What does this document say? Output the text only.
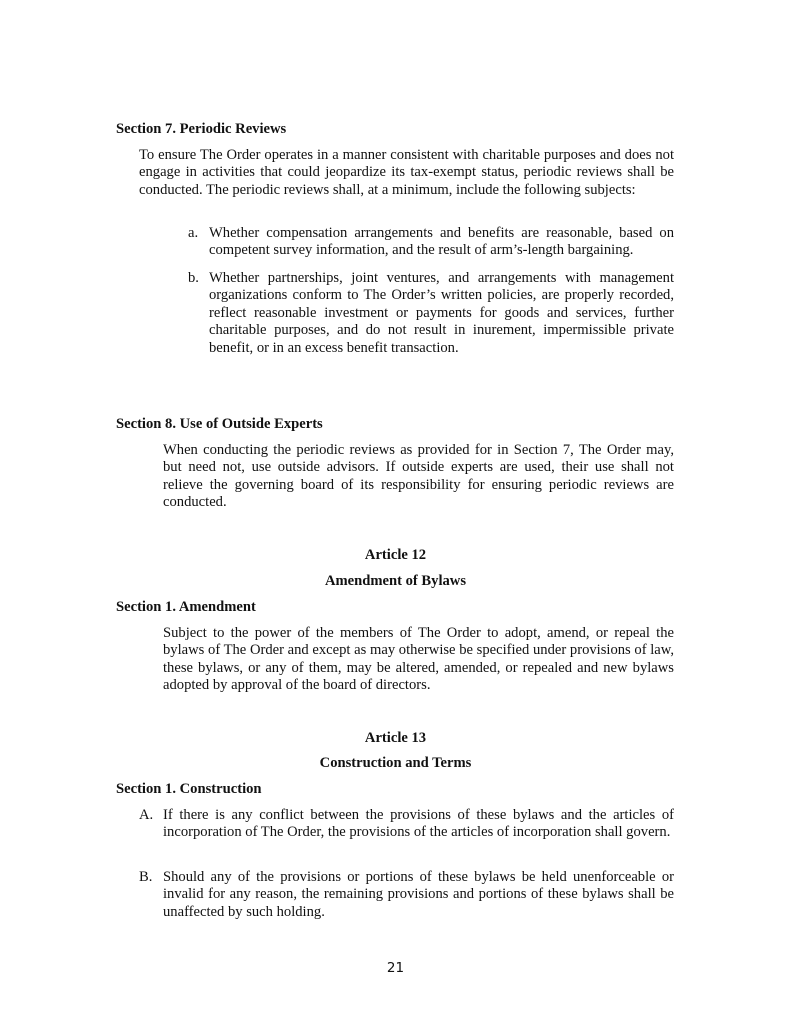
Section 7. Periodic Reviews

To ensure The Order operates in a manner consistent with charitable purposes and does not engage in activities that could jeopardize its tax-exempt status, periodic reviews shall be conducted. The periodic reviews shall, at a minimum, include the following subjects:

a. Whether compensation arrangements and benefits are reasonable, based on competent survey information, and the result of arm’s-length bargaining.
b. Whether partnerships, joint ventures, and arrangements with management organizations conform to The Order’s written policies, are properly recorded, reflect reasonable investment or payments for goods and services, further charitable purposes, and do not result in inurement, impermissible private benefit, or in an excess benefit transaction.
Section 8. Use of Outside Experts

When conducting the periodic reviews as provided for in Section 7, The Order may, but need not, use outside advisors. If outside experts are used, their use shall not relieve the governing board of its responsibility for ensuring periodic reviews are conducted.

Article 12
Amendment of Bylaws
Section 1. Amendment

Subject to the power of the members of The Order to adopt, amend, or repeal the bylaws of The Order and except as may otherwise be specified under provisions of law, these bylaws, or any of them, may be altered, amended, or repealed and new bylaws adopted by approval of the board of directors.

Article 13
Construction and Terms
Section 1. Construction
A. If there is any conflict between the provisions of these bylaws and the articles of incorporation of The Order, the provisions of the articles of incorporation shall govern.
B. Should any of the provisions or portions of these bylaws be held unenforceable or invalid for any reason, the remaining provisions and portions of these bylaws shall be unaffected by such holding.
21
